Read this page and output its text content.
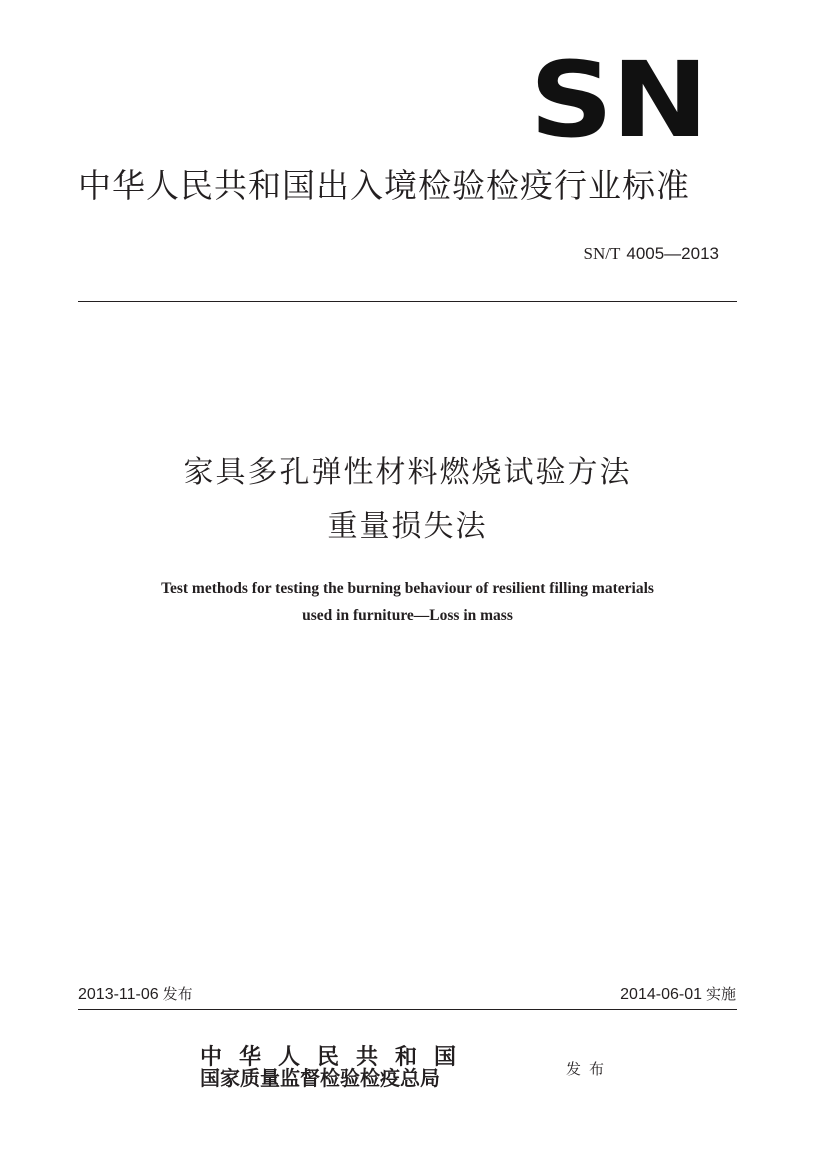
SN
中华人民共和国出入境检验检疫行业标准
SN/T 4005—2013
家具多孔弹性材料燃烧试验方法
重量损失法
Test methods for testing the burning behaviour of resilient filling materials
used in furniture—Loss in mass
2013-11-06 发布	2014-06-01 实施
中华人民共和国
国家质量监督检验检疫总局	发布
